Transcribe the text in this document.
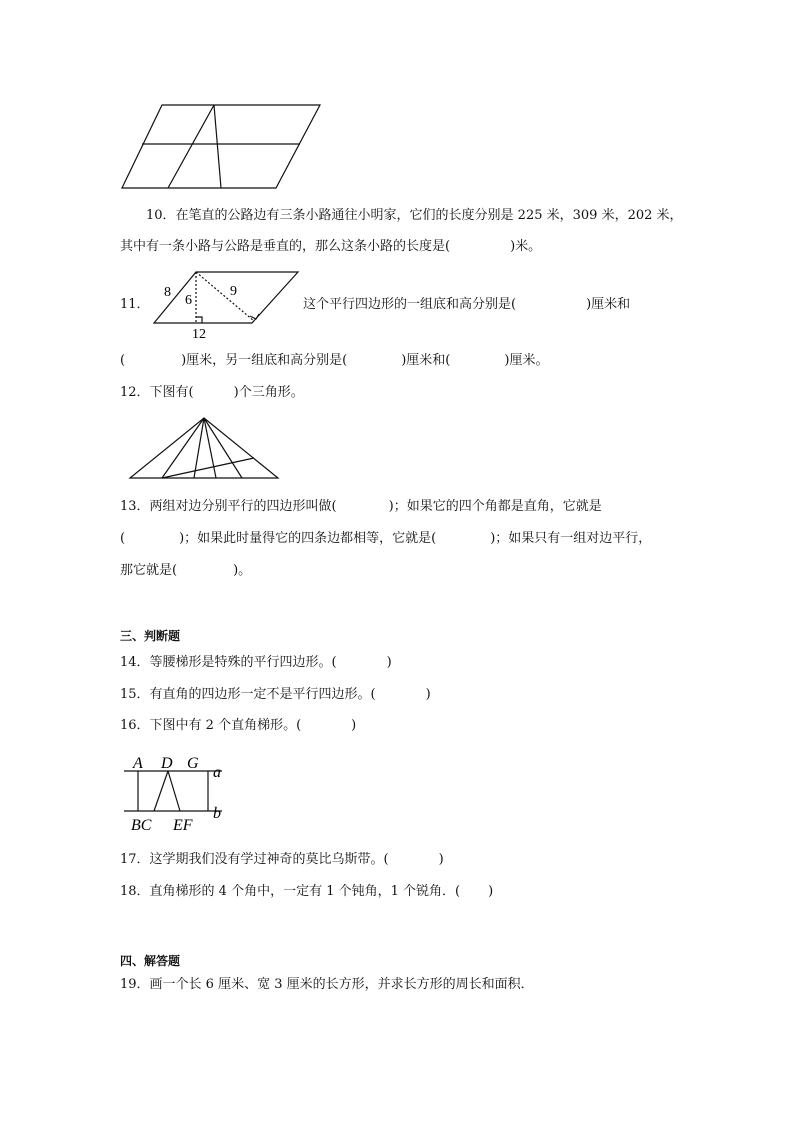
10．在笔直的公路边有三条小路通往小明家，它们的长度分别是 225 米，309 米，202 米，
其中有一条小路与公路是垂直的，那么这条小路的长度是(	)米。
11．
8
6
9
12
这个平行四边形的一组底和高分别是(	)厘米和
(	)厘米，另一组底和高分别是(	)厘米和(	)厘米。
12．下图有(	)个三角形。
13．两组对边分别平行的四边形叫做(	)；如果它的四个角都是直角，它就是
(	)；如果此时量得它的四条边都相等，它就是(	)；如果只有一组对边平行，
那它就是(	)。
三、判断题
14．等腰梯形是特殊的平行四边形。(	)
15．有直角的四边形一定不是平行四边形。(	)
16．下图中有 2 个直角梯形。(	)
A D G
a
b
BC EF
17．这学期我们没有学过神奇的莫比乌斯带。(	)
18．直角梯形的 4 个角中，一定有 1 个钝角，1 个锐角．( )
四、解答题
19．画一个长 6 厘米、宽 3 厘米的长方形，并求长方形的周长和面积．
